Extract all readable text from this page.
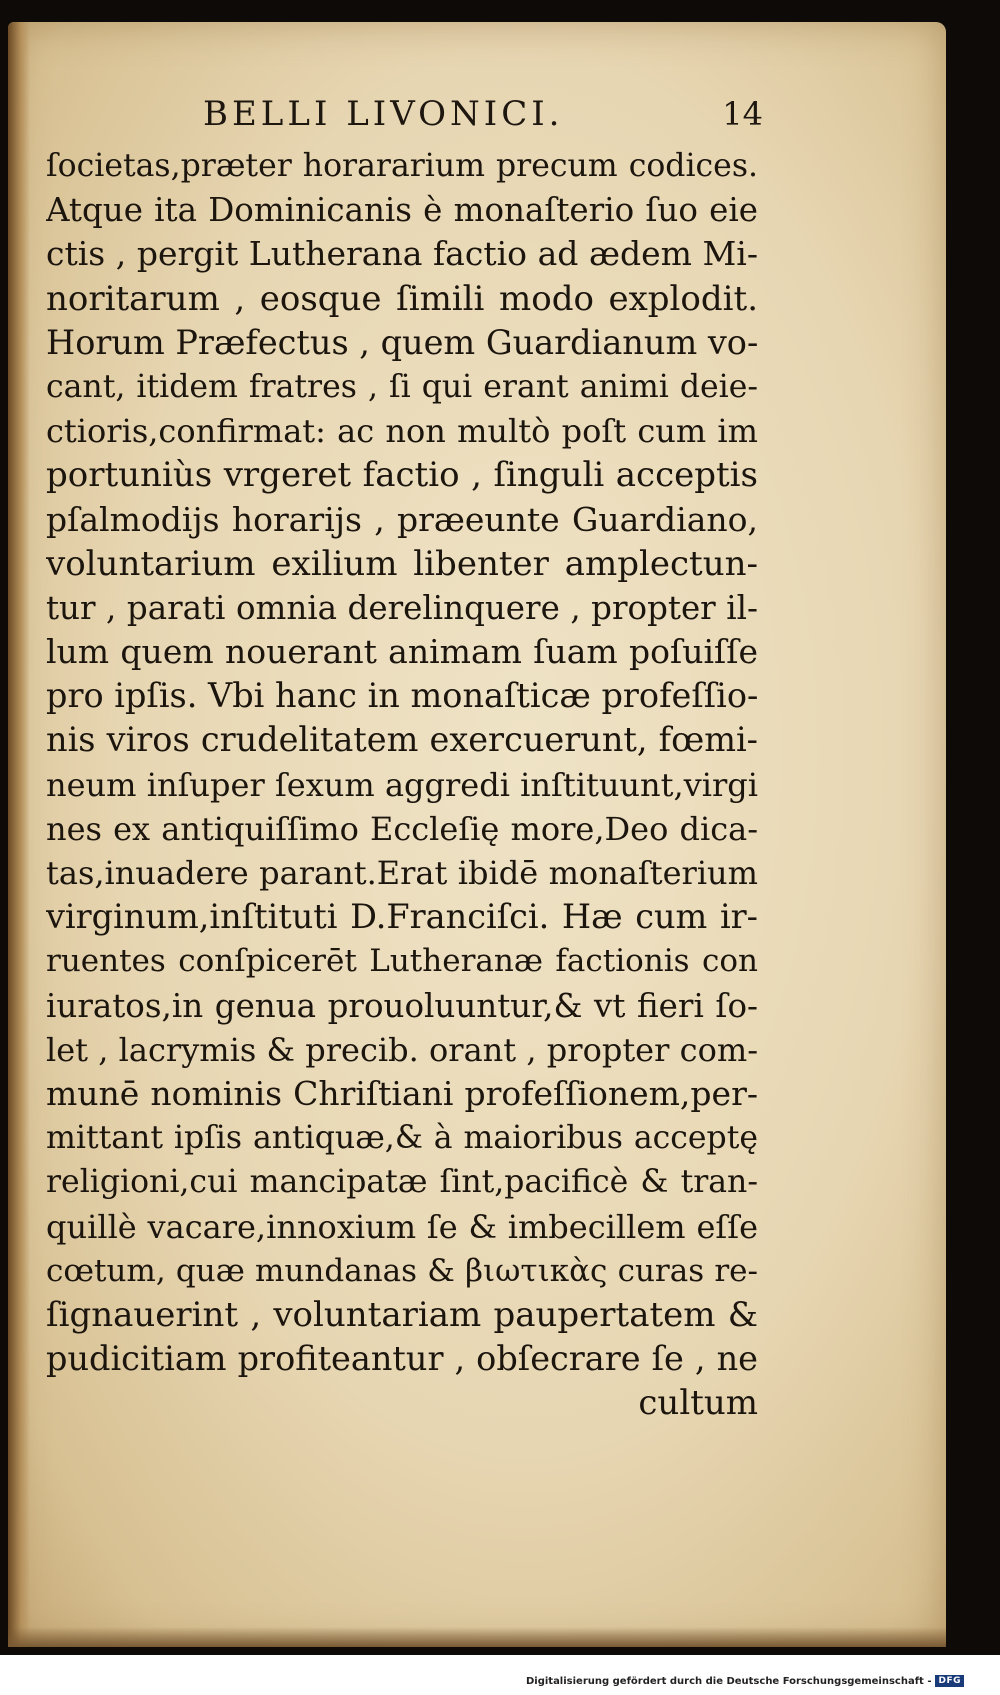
BELLI LIVONICI.	14
ſocietas,præter horararium precum codices.
Atque ita Dominicanis è monaſterio ſuo eie
ctis , pergit Lutherana factio ad ædem Mi-
noritarum , eosque ſimili modo explodit.
Horum Præfectus , quem Guardianum vo-
cant, itidem fratres , ſi qui erant animi deie-
ctioris,confirmat: ac non multò poſt cum im
portuniùs vrgeret factio , ſinguli acceptis
pſalmodijs horarijs , præeunte Guardiano,
voluntarium exilium libenter amplectun-
tur , parati omnia derelinquere , propter il-
lum quem nouerant animam ſuam poſuiſſe
pro ipſis. Vbi hanc in monaſticæ profeſſio-
nis viros crudelitatem exercuerunt, fœmi-
neum inſuper ſexum aggredi inſtituunt,virgi
nes ex antiquiſſimo Eccleſię more,Deo dica-
tas,inuadere parant.Erat ibidē monaſterium
virginum,inſtituti D.Franciſci. Hæ cum ir-
ruentes conſpicerēt Lutheranæ factionis con
iuratos,in genua prouoluuntur,& vt fieri ſo-
let , lacrymis & precib. orant , propter com-
munē nominis Chriſtiani profeſſionem,per-
mittant ipſis antiquæ,& à maioribus acceptę
religioni,cui mancipatæ ſint,pacificè & tran-
quillè vacare,innoxium ſe & imbecillem eſſe
cœtum, quæ mundanas & βιωτικὰς curas re-
ſignauerint , voluntariam paupertatem &
pudicitiam profiteantur , obſecrare ſe , ne
cultum
Digitalisierung gefördert durch die Deutsche Forschungsgemeinschaft - DFG
